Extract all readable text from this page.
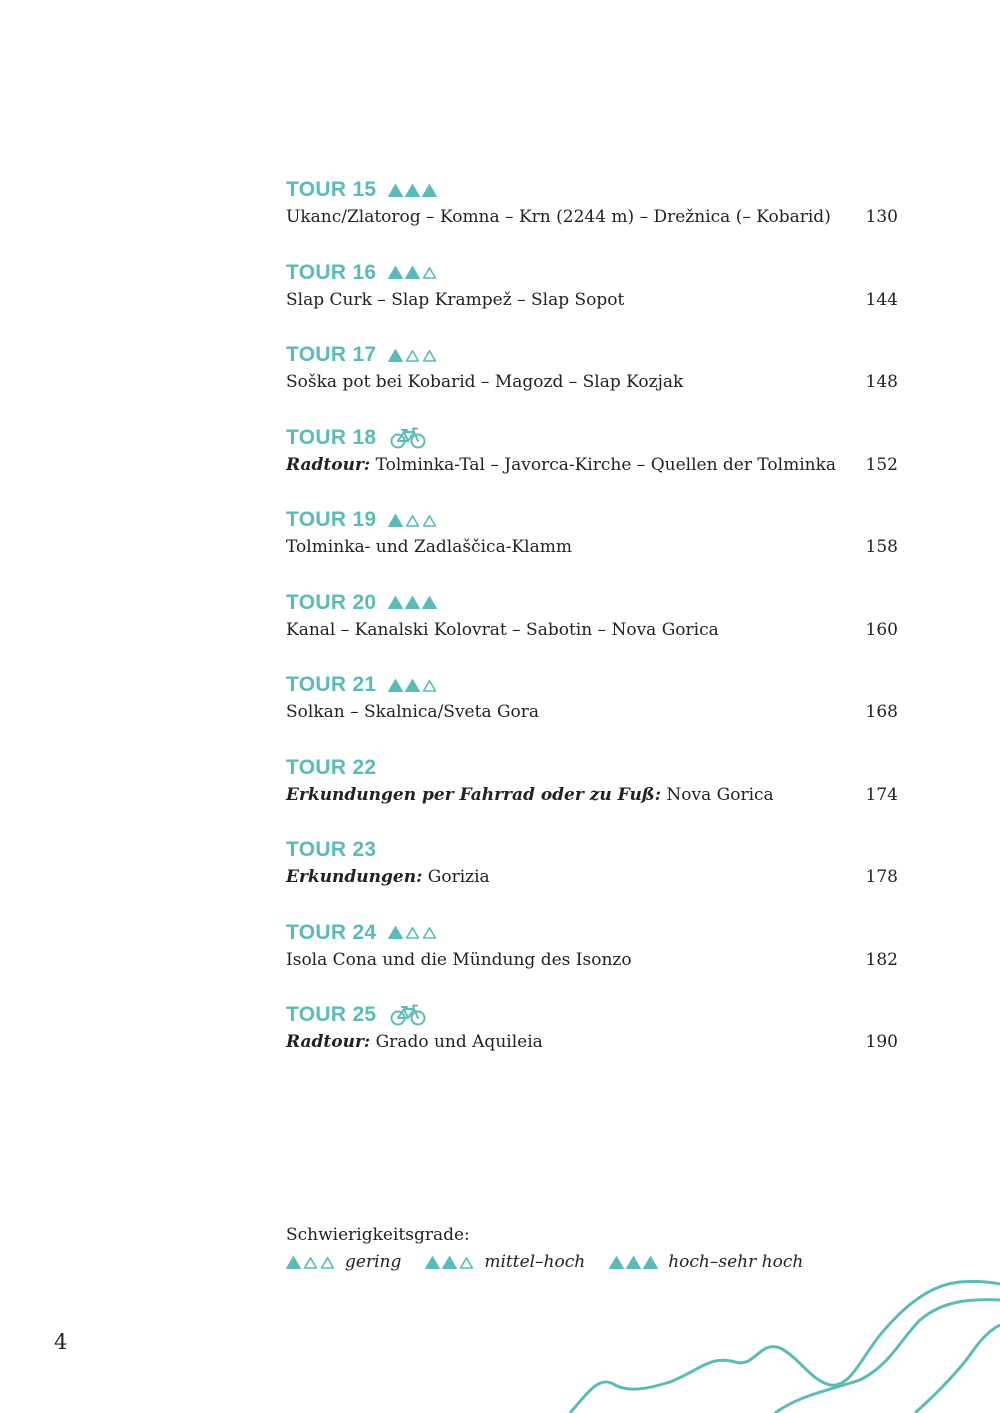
TOUR 15
Ukanc/Zlatorog – Komna – Krn (2244 m) – Drežnica (– Kobarid) 130
TOUR 16
Slap Curk – Slap Krampež – Slap Sopot	144
TOUR 17
Soška pot bei Kobarid – Magozd – Slap Kozjak	148
TOUR 18
Radtour: Tolminka-Tal – Javorca-Kirche – Quellen der Tolminka 152
TOUR 19
Tolminka- und Zadlaščica-Klamm	158
TOUR 20
Kanal – Kanalski Kolovrat – Sabotin – Nova Gorica	160
TOUR 21
Solkan – Skalnica/Sveta Gora	168
TOUR 22
Erkundungen per Fahrrad oder zu Fuß: Nova Gorica	174
TOUR 23
Erkundungen: Gorizia	178
TOUR 24
Isola Cona und die Mündung des Isonzo	182
TOUR 25
Radtour: Grado und Aquileia	190
Schwierigkeitsgrade:
gering	mittel–hoch	hoch–sehr hoch
4
